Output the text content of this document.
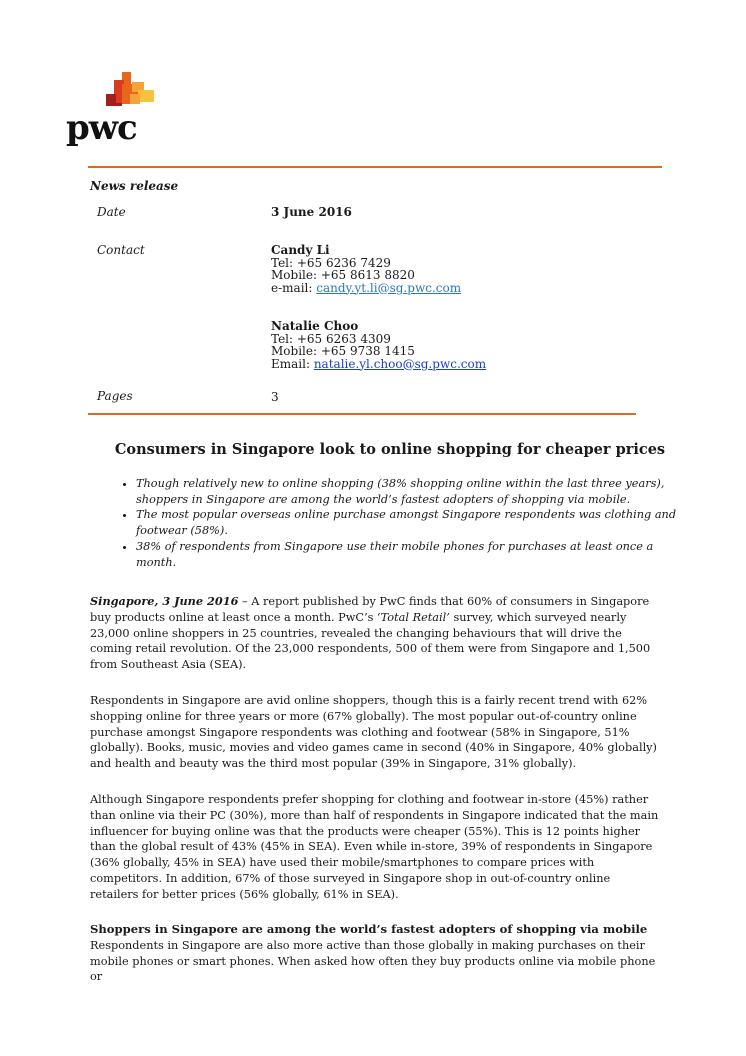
pwc
News release
Date	3 June 2016
Contact	Candy Li
Tel: +65 6236 7429
Mobile: +65 8613 8820
e-mail: candy.yt.li@sg.pwc.com
Natalie Choo
Tel: +65 6263 4309
Mobile: +65 9738 1415
Email: natalie.yl.choo@sg.pwc.com
Pages	3
Consumers in Singapore look to online shopping for cheaper prices
• Though relatively new to online shopping (38% shopping online within the last three years), shoppers in Singapore are among the world’s fastest adopters of shopping via mobile.
• The most popular overseas online purchase amongst Singapore respondents was clothing and footwear (58%).
• 38% of respondents from Singapore use their mobile phones for purchases at least once a month.

Singapore, 3 June 2016 – A report published by PwC finds that 60% of consumers in Singapore buy products online at least once a month. PwC’s ‘Total Retail’ survey, which surveyed nearly 23,000 online shoppers in 25 countries, revealed the changing behaviours that will drive the coming retail revolution. Of the 23,000 respondents, 500 of them were from Singapore and 1,500 from Southeast Asia (SEA).

Respondents in Singapore are avid online shoppers, though this is a fairly recent trend with 62% shopping online for three years or more (67% globally). The most popular out-of-country online purchase amongst Singapore respondents was clothing and footwear (58% in Singapore, 51% globally). Books, music, movies and video games came in second (40% in Singapore, 40% globally) and health and beauty was the third most popular (39% in Singapore, 31% globally).

Although Singapore respondents prefer shopping for clothing and footwear in-store (45%) rather than online via their PC (30%), more than half of respondents in Singapore indicated that the main influencer for buying online was that the products were cheaper (55%). This is 12 points higher than the global result of 43% (45% in SEA). Even while in-store, 39% of respondents in Singapore (36% globally, 45% in SEA) have used their mobile/smartphones to compare prices with competitors. In addition, 67% of those surveyed in Singapore shop in out-of-country online retailers for better prices (56% globally, 61% in SEA).

Shoppers in Singapore are among the world’s fastest adopters of shopping via mobile
Respondents in Singapore are also more active than those globally in making purchases on their mobile phones or smart phones. When asked how often they buy products online via mobile phone or
